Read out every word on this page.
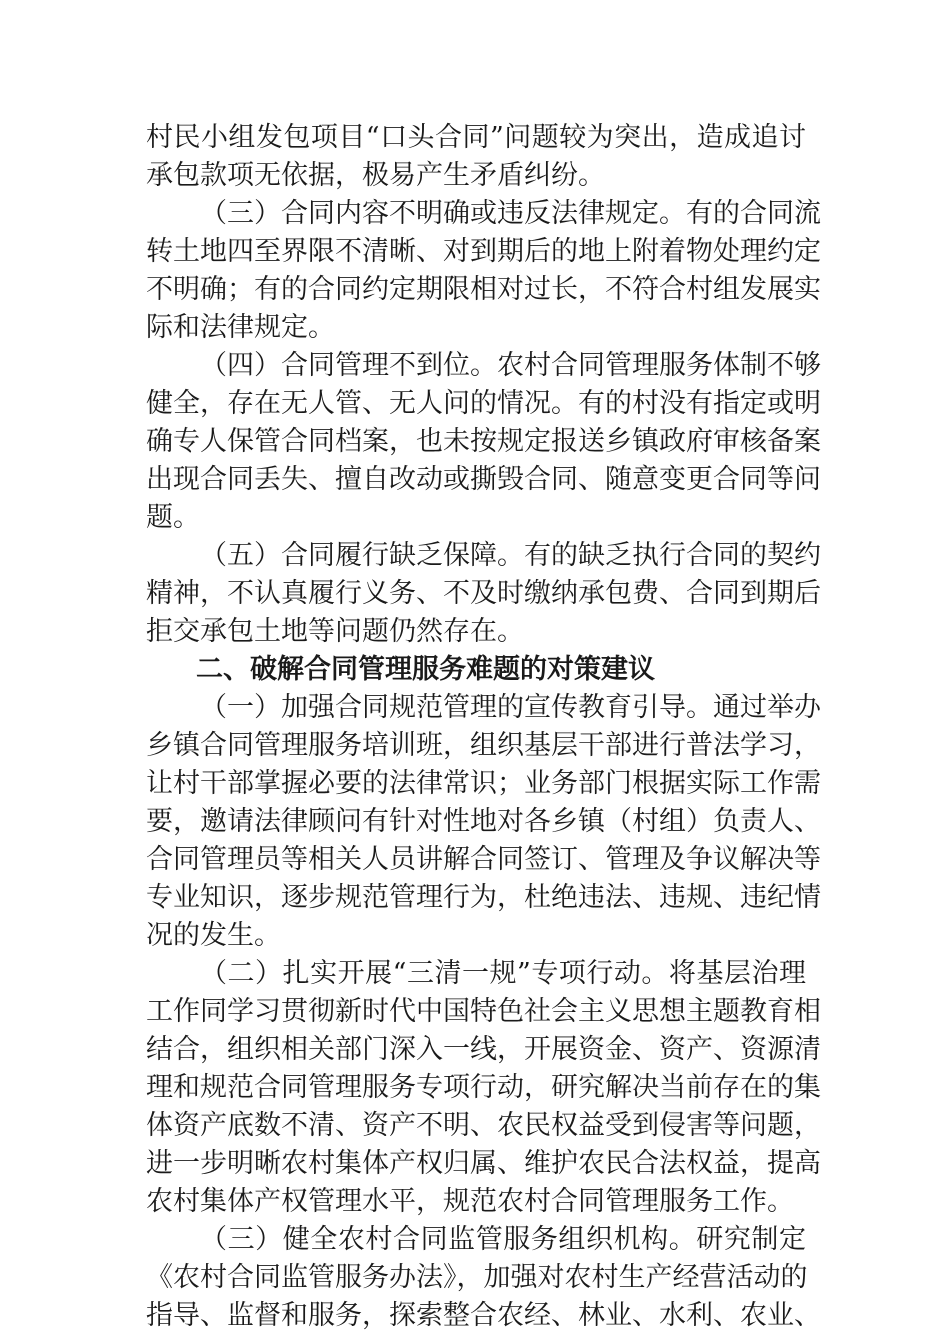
村民小组发包项目“口头合同”问题较为突出，造成追讨
承包款项无依据，极易产生矛盾纠纷。
（三）合同内容不明确或违反法律规定。有的合同流
转土地四至界限不清晰、对到期后的地上附着物处理约定
不明确；有的合同约定期限相对过长，不符合村组发展实
际和法律规定。
（四）合同管理不到位。农村合同管理服务体制不够
健全，存在无人管、无人问的情况。有的村没有指定或明
确专人保管合同档案，也未按规定报送乡镇政府审核备案
出现合同丢失、擅自改动或撕毁合同、随意变更合同等问
题。
（五）合同履行缺乏保障。有的缺乏执行合同的契约
精神，不认真履行义务、不及时缴纳承包费、合同到期后
拒交承包土地等问题仍然存在。
二、破解合同管理服务难题的对策建议
（一）加强合同规范管理的宣传教育引导。通过举办
乡镇合同管理服务培训班，组织基层干部进行普法学习，
让村干部掌握必要的法律常识；业务部门根据实际工作需
要，邀请法律顾问有针对性地对各乡镇（村组）负责人、
合同管理员等相关人员讲解合同签订、管理及争议解决等
专业知识，逐步规范管理行为，杜绝违法、违规、违纪情
况的发生。
（二）扎实开展“三清一规”专项行动。将基层治理
工作同学习贯彻新时代中国特色社会主义思想主题教育相
结合，组织相关部门深入一线，开展资金、资产、资源清
理和规范合同管理服务专项行动，研究解决当前存在的集
体资产底数不清、资产不明、农民权益受到侵害等问题，
进一步明晰农村集体产权归属、维护农民合法权益，提高
农村集体产权管理水平，规范农村合同管理服务工作。
（三）健全农村合同监管服务组织机构。研究制定
《农村合同监管服务办法》，加强对农村生产经营活动的
指导、监督和服务，探索整合农经、林业、水利、农业、
